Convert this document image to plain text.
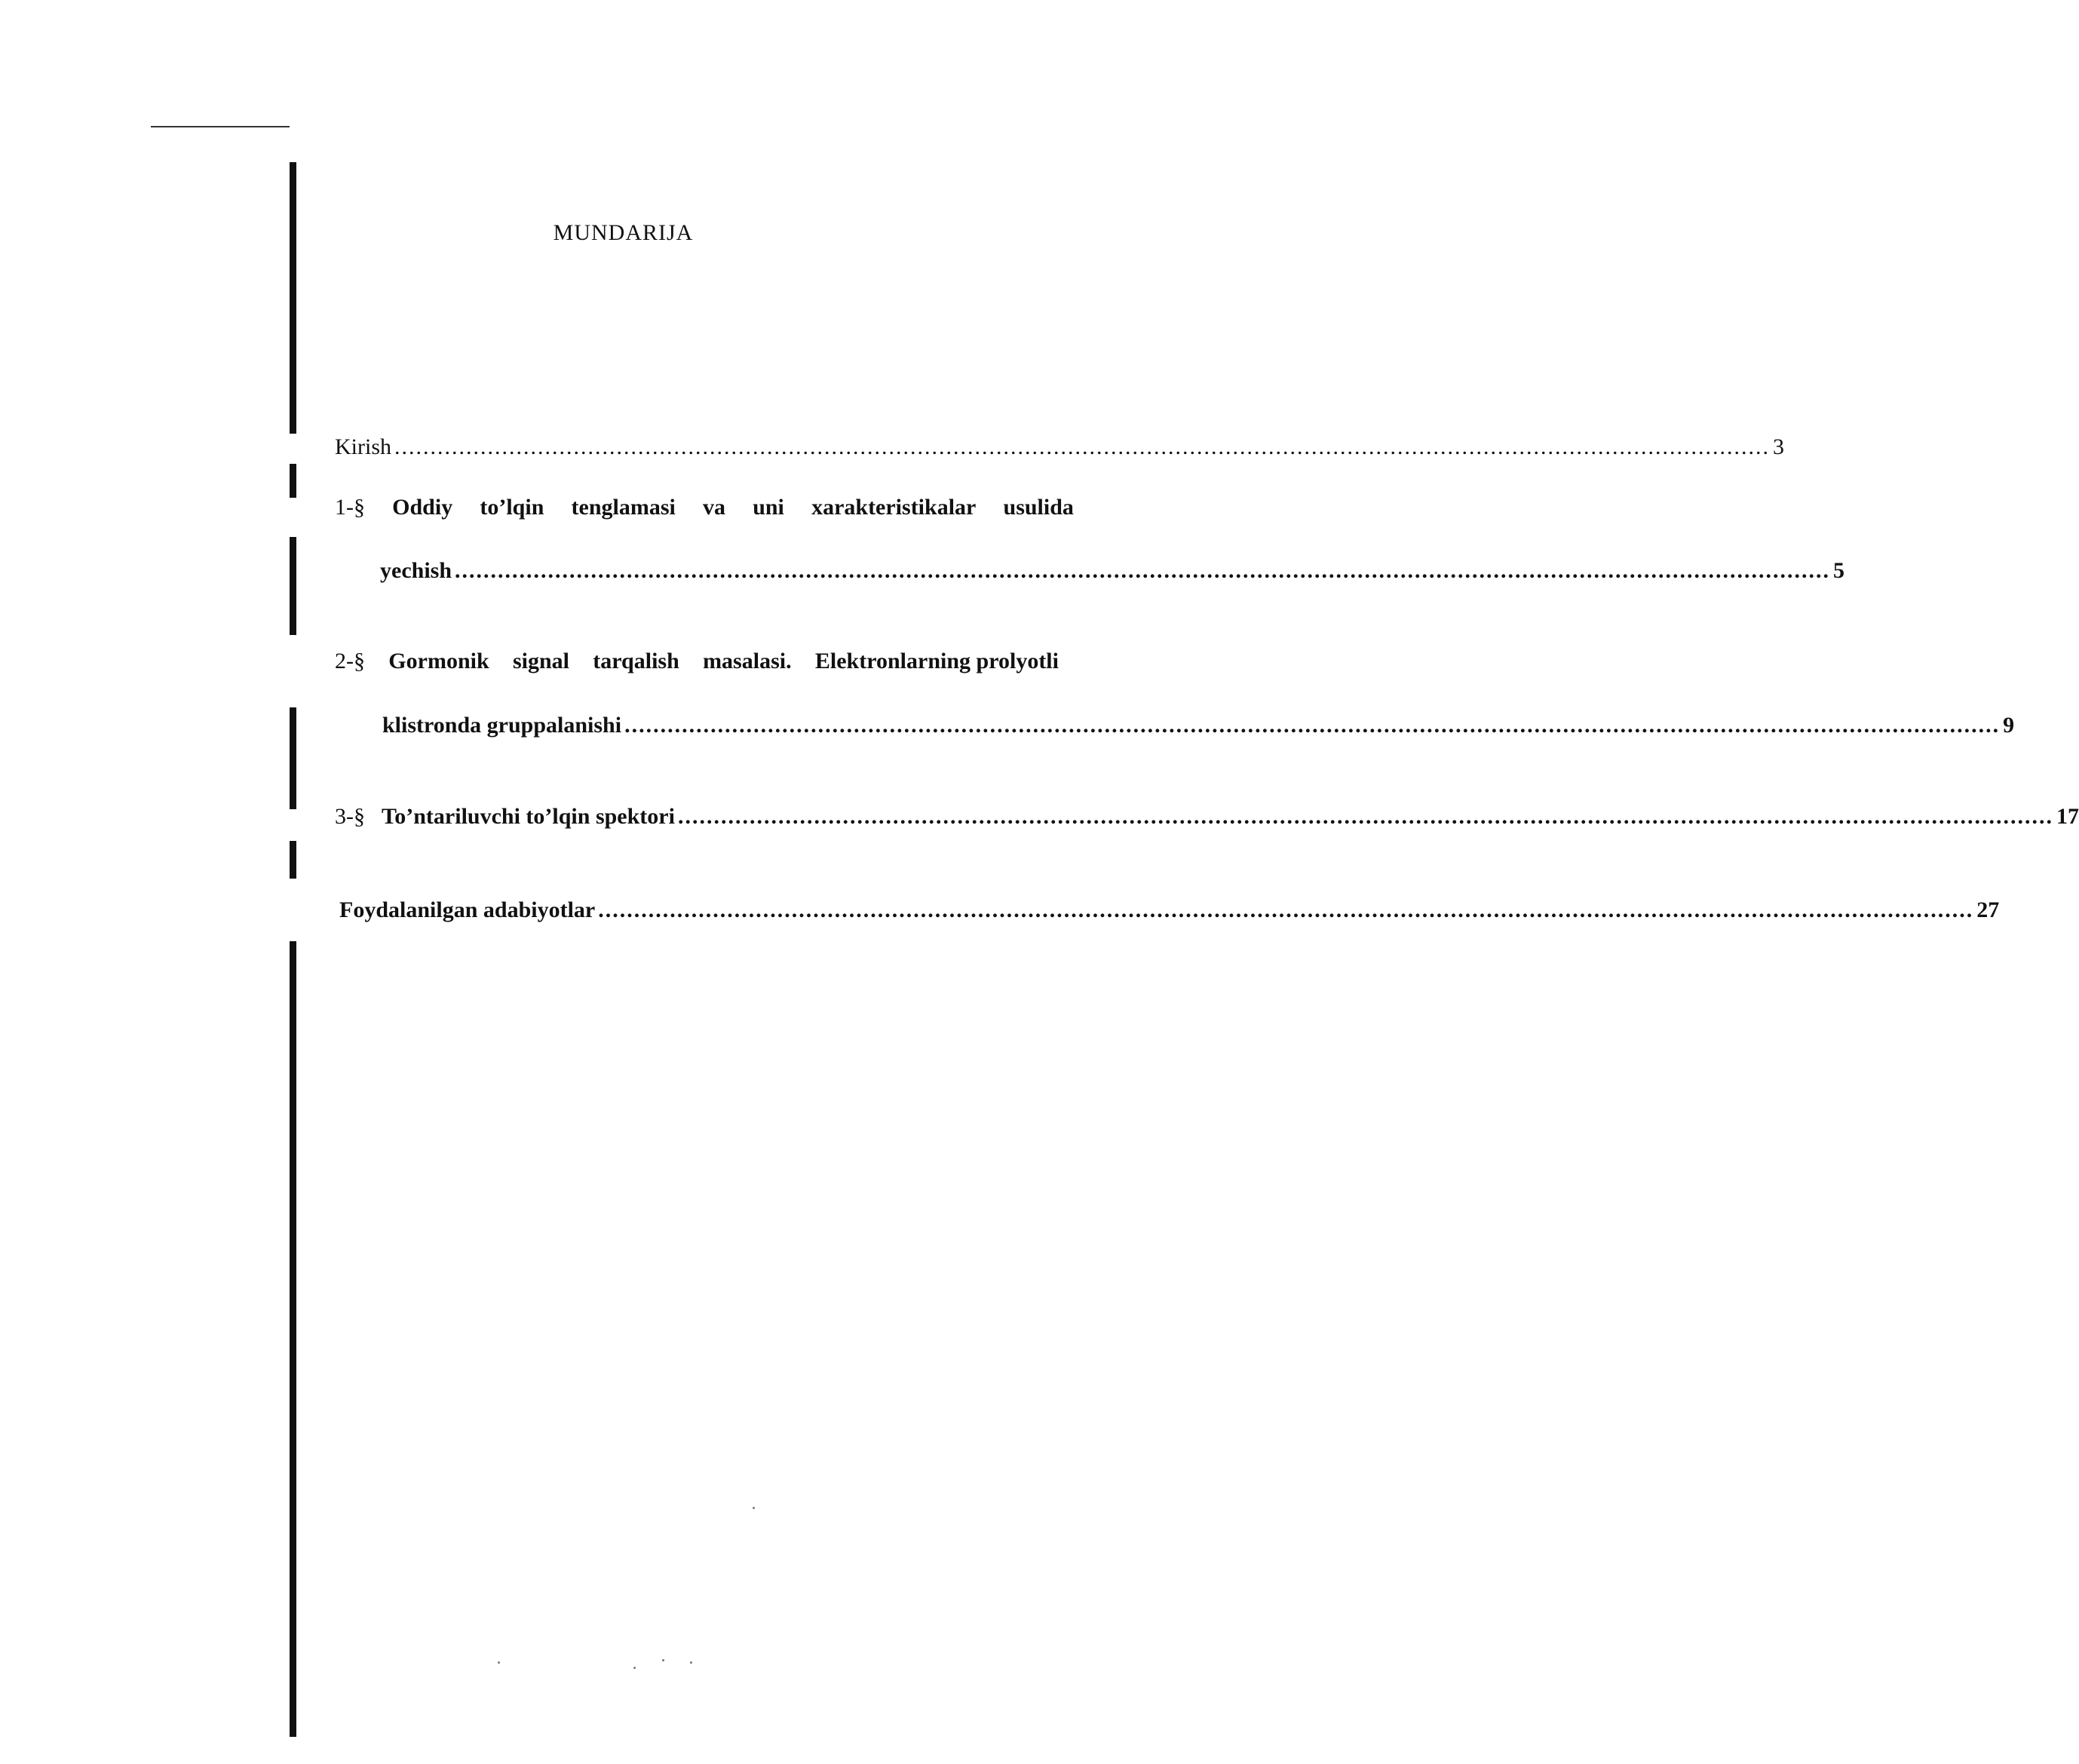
MUNDARIJA
Kirish ................................................................................................................................................................................................ 3
1-§ Oddiy to’lqin tenglamasi va uni xarakteristikalar usulida
yechish ................................................................................................................................................................................................ 5
2-§ Gormonik signal tarqalish masalasi. Elektronlarning prolyotli
klistronda gruppalanishi ................................................................................................................................................................................................ 9
3-§ To’ntariluvchi to’lqin spektori ................................................................................................................................................................................................ 17
Foydalanilgan adabiyotlar ................................................................................................................................................................................................ 27
